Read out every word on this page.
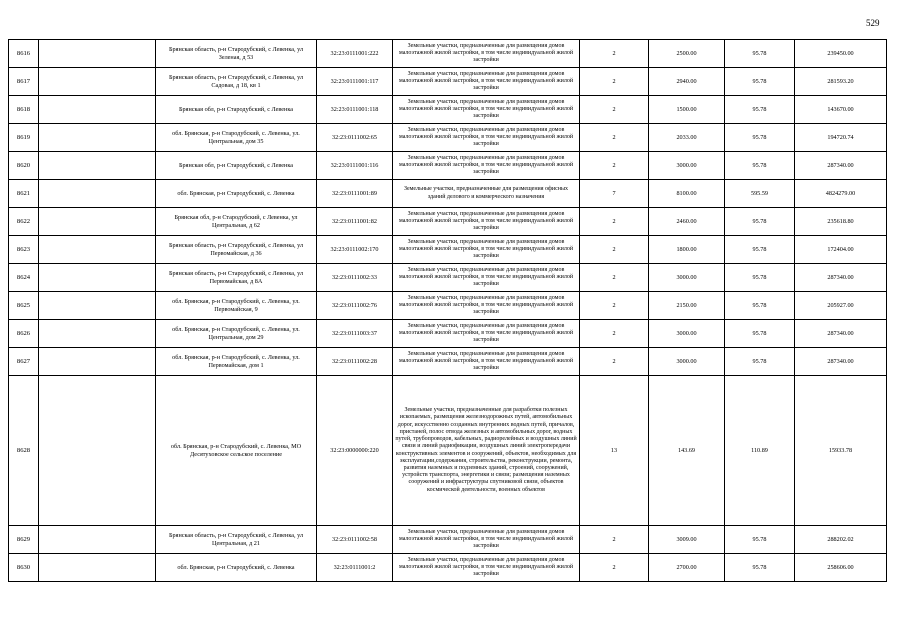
529
8616		Брянская область, р-н Стародубский, с Левенка, ул Зеленая, д 53	32:23:0111001:222	Земельные участки, предназначенные для размещения домов малоэтажной жилой застройки, в том числе индивидуальной жилой застройки	2	2500.00	95.78	239450.00
8617		Брянская область, р-н Стародубский, с Левенка, ул Садовая, д 18, кв 1	32:23:0111001:117	Земельные участки, предназначенные для размещения домов малоэтажной жилой застройки, в том числе индивидуальной жилой застройки	2	2940.00	95.78	281593.20
8618		Брянская обл, р-н Стародубский, с Левенка	32:23:0111001:118	Земельные участки, предназначенные для размещения домов малоэтажной жилой застройки, в том числе индивидуальной жилой застройки	2	1500.00	95.78	143670.00
8619		обл. Брянская, р-н Стародубский, с. Левенка, ул. Центральная, дом 35	32:23:0111002:65	Земельные участки, предназначенные для размещения домов малоэтажной жилой застройки, в том числе индивидуальной жилой застройки	2	2033.00	95.78	194720.74
8620		Брянская обл, р-н Стародубский, с Левенка	32:23:0111001:116	Земельные участки, предназначенные для размещения домов малоэтажной жилой застройки, в том числе индивидуальной жилой застройки	2	3000.00	95.78	287340.00
8621		обл. Брянская, р-н Стародубский, с. Левенка	32:23:0111001:89	Земельные участки, предназначенные для размещения офисных зданий делового и коммерческого назначения	7	8100.00	595.59	4824279.00
8622		Брянская обл, р-н Стародубский, с Левенка, ул Центральная, д 62	32:23:0111001:82	Земельные участки, предназначенные для размещения домов малоэтажной жилой застройки, в том числе индивидуальной жилой застройки	2	2460.00	95.78	235618.80
8623		Брянская область, р-н Стародубский, с Левенка, ул Первомайская, д 36	32:23:0111002:170	Земельные участки, предназначенные для размещения домов малоэтажной жилой застройки, в том числе индивидуальной жилой застройки	2	1800.00	95.78	172404.00
8624		Брянская область, р-н Стародубский, с Левенка, ул Первомайская, д 8А	32:23:0111002:33	Земельные участки, предназначенные для размещения домов малоэтажной жилой застройки, в том числе индивидуальной жилой застройки	2	3000.00	95.78	287340.00
8625		обл. Брянская, р-н Стародубский, с. Левенка, ул. Первомайская, 9	32:23:0111002:76	Земельные участки, предназначенные для размещения домов малоэтажной жилой застройки, в том числе индивидуальной жилой застройки	2	2150.00	95.78	205927.00
8626		обл. Брянская, р-н Стародубский, с. Левенка, ул. Центральная, дом 29	32:23:0111003:37	Земельные участки, предназначенные для размещения домов малоэтажной жилой застройки, в том числе индивидуальной жилой застройки	2	3000.00	95.78	287340.00
8627		обл. Брянская, р-н Стародубский, с. Левенка, ул. Первомайская, дом 1	32:23:0111002:28	Земельные участки, предназначенные для размещения домов малоэтажной жилой застройки, в том числе индивидуальной жилой застройки	2	3000.00	95.78	287340.00
8628		обл. Брянская, р-н Стародубский, с. Левенка, МО Десятуховское сельское поселение	32:23:0000000:220	Земельные участки, предназначенные для разработки полезных ископаемых, размещения железнодорожных путей, автомобильных дорог, искусственно созданных внутренних водных путей, причалов, пристаней, полос отвода железных и автомобильных дорог, водных путей, трубопроводов, кабельных, радиорелейных и воздушных линий связи и линий радиофикации, воздушных линий электропередачи конструктивных элементов и сооружений, объектов, необходимых для эксплуатации,содержания, строительства, реконструкции, ремонта, развития наземных и подземных зданий, строений, сооружений, устройств транспорта, энергетики и связи; размещения наземных сооружений и инфраструктуры спутниковой связи, объектов космической деятельности, военных объектов	13	143.69	110.89	15933.78
8629		Брянская область, р-н Стародубский, с Левенка, ул Центральная, д 21	32:23:0111002:58	Земельные участки, предназначенные для размещения домов малоэтажной жилой застройки, в том числе индивидуальной жилой застройки	2	3009.00	95.78	288202.02
8630		обл. Брянская, р-н Стародубский, с. Левенка	32:23:0111001:2	Земельные участки, предназначенные для размещения домов малоэтажной жилой застройки, в том числе индивидуальной жилой застройки	2	2700.00	95.78	258606.00
